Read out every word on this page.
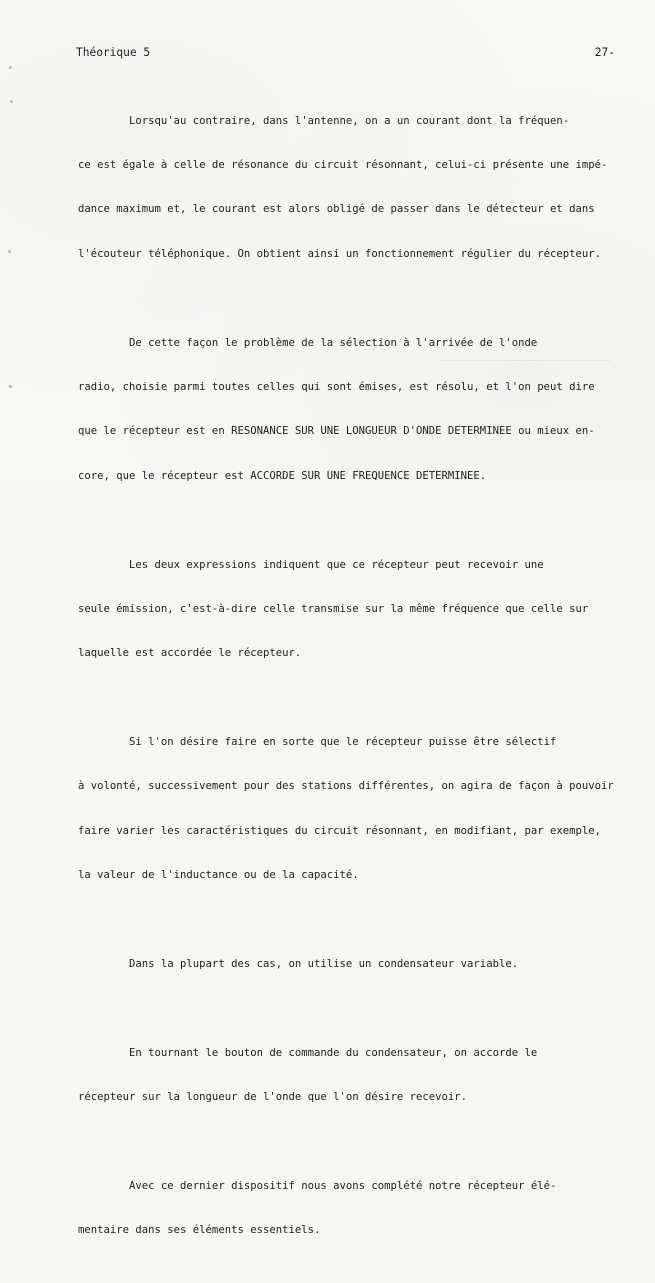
Théorique 5	27-

Lorsqu'au contraire, dans l'antenne, on a un courant dont la fréquen-

ce est égale à celle de résonance du circuit résonnant, celui-ci présente une impé-

dance maximum et, le courant est alors obligé de passer dans le détecteur et dans

l'écouteur téléphonique. On obtient ainsi un fonctionnement régulier du récepteur.

De cette façon le problème de la sélection à l'arrivée de l'onde

radio, choisie parmi toutes celles qui sont émises, est résolu, et l'on peut dire

que le récepteur est en RESONANCE SUR UNE LONGUEUR D'ONDE DETERMINEE ou mieux en-

core, que le récepteur est ACCORDE SUR UNE FREQUENCE DETERMINEE.

Les deux expressions indiquent que ce récepteur peut recevoir une

seule émission, c'est-à-dire celle transmise sur la même fréquence que celle sur

laquelle est accordée le récepteur.

Si l'on désire faire en sorte que le récepteur puisse être sélectif

à volonté, successivement pour des stations différentes, on agira de façon à pouvoir

faire varier les caractéristiques du circuit résonnant, en modifiant, par exemple,

la valeur de l'inductance ou de la capacité.

Dans la plupart des cas, on utilise un condensateur variable.

En tournant le bouton de commande du condensateur, on accorde le

récepteur sur la longueur de l'onde que l'on désire recevoir.

Avec ce dernier dispositif nous avons complété notre récepteur élé-

mentaire dans ses éléments essentiels.
